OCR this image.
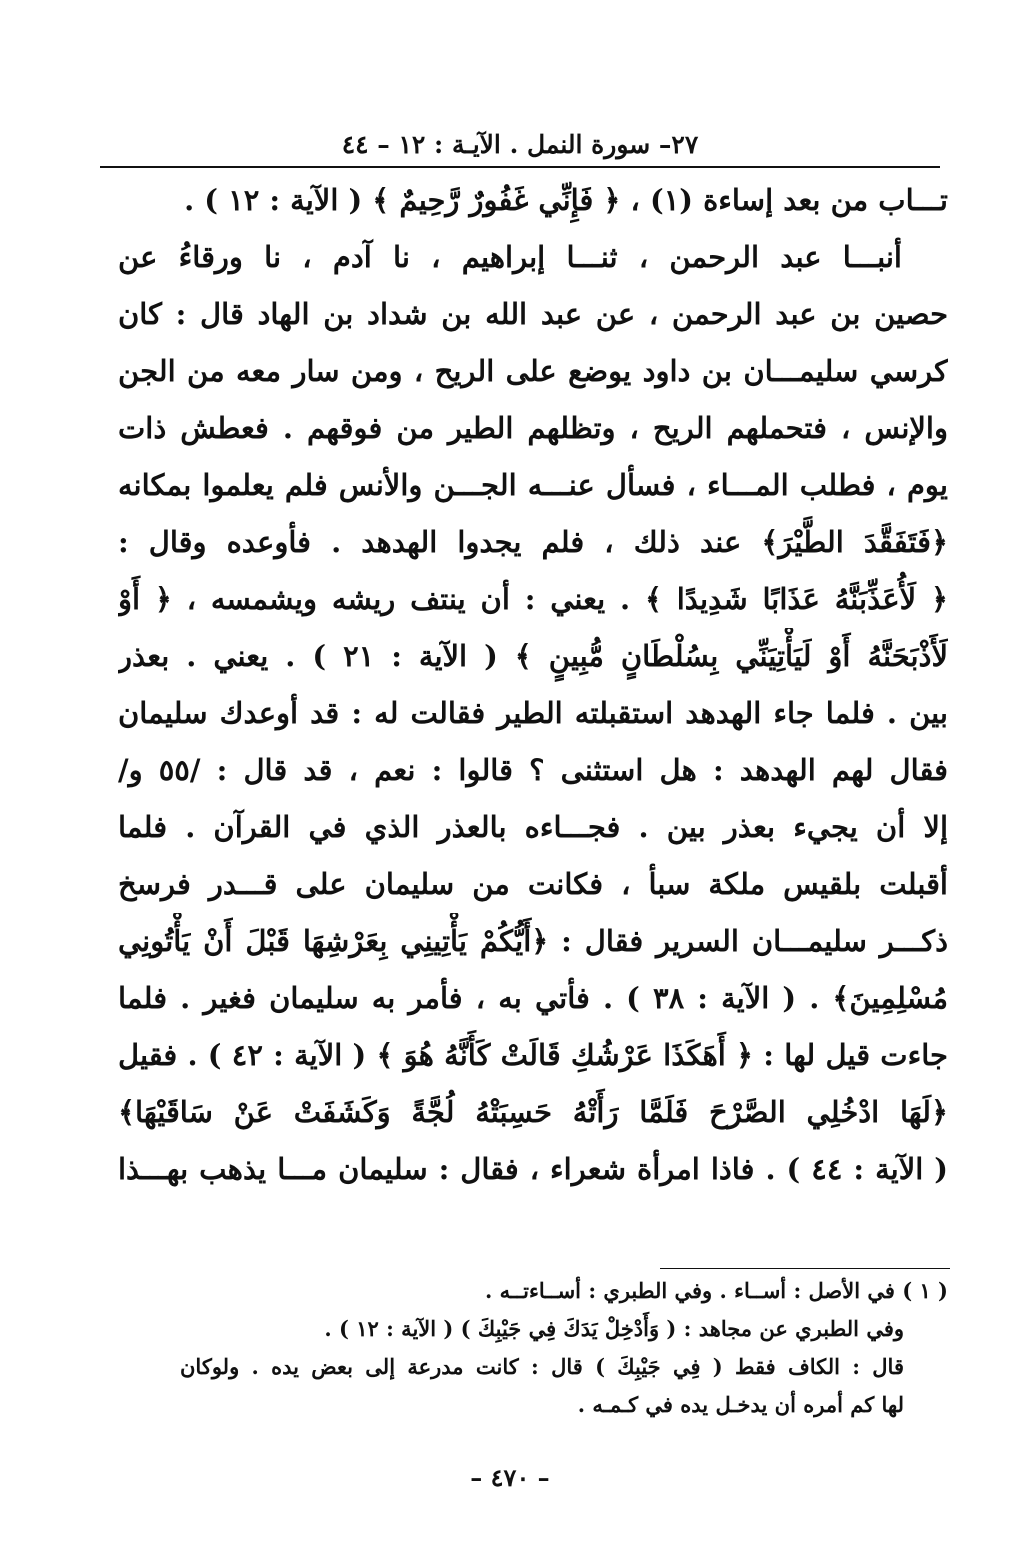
٢٧– سورة النمل . الآيـة : ١٢ – ٤٤
تـــاب من بعد إساءة (١) ، ﴿ فَإِنِّي غَفُورٌ رَّحِيمٌ ﴾ ( الآية : ١٢ ) .
أنبـــا عبد الرحمن ، ثنـــا إبراهيم ، نا آدم ، نا ورقاءُ عن
حصين بن عبد الرحمن ، عن عبد الله بن شداد بن الهاد قال : كان
كرسي سليمـــان بن داود يوضع على الريح ، ومن سار معه من الجن
والإنس ، فتحملهم الريح ، وتظلهم الطير من فوقهم . فعطش ذات
يوم ، فطلب المـــاء ، فسأل عنـــه الجـــن والأنس فلم يعلموا بمكانه
﴿فَتَفَقَّدَ الطَّيْرَ﴾ عند ذلك ، فلم يجدوا الهدهد . فأوعده وقال :
﴿ لَأُعَذِّبَنَّهُ عَذَابًا شَدِيدًا ﴾ . يعني : أن ينتف ريشه ويشمسه ، ﴿ أَوْ
لَأَذْبَحَنَّهُ أَوْ لَيَأْتِيَنِّي بِسُلْطَانٍ مُّبِينٍ ﴾ ( الآية : ٢١ ) . يعني . بعذر
بين . فلما جاء الهدهد استقبلته الطير فقالت له : قد أوعدك سليمان
فقال لهم الهدهد : هل استثنى ؟ قالوا : نعم ، قد قال : /٥٥ و/
إلا أن يجيء بعذر بين . فجـــاءه بالعذر الذي في القرآن . فلما
أقبلت بلقيس ملكة سبأ ، فكانت من سليمان على قـــدر فرسخ
ذكـــر سليمـــان السرير فقال : ﴿أَيُّكُمْ يَأْتِينِي بِعَرْشِهَا قَبْلَ أَنْ يَأْتُونِي
مُسْلِمِينَ﴾ . ( الآية : ٣٨ ) . فأتي به ، فأمر به سليمان فغير . فلما
جاءت قيل لها : ﴿ أَهَكَذَا عَرْشُكِ قَالَتْ كَأَنَّهُ هُوَ ﴾ ( الآية : ٤٢ ) . فقيل
﴿لَهَا ادْخُلِي الصَّرْحَ فَلَمَّا رَأَتْهُ حَسِبَتْهُ لُجَّةً وَكَشَفَتْ عَنْ سَاقَيْهَا﴾
( الآية : ٤٤ ) . فاذا امرأة شعراء ، فقال : سليمان مـــا يذهب بهـــذا
( ١ ) في الأصل : أســاء . وفي الطبري : أســاءتــه .
وفي الطبري عن مجاهد : ( وَأَدْخِلْ يَدَكَ فِي جَيْبِكَ ) ( الآية : ١٢ ) .
قال : الكاف فقط ( فِي جَيْبِكَ ) قال : كانت مدرعة إلى بعض يده . ولوكان
لها كم أمره أن يدخـل يده في كـمـه .
– ٤٧٠ –
